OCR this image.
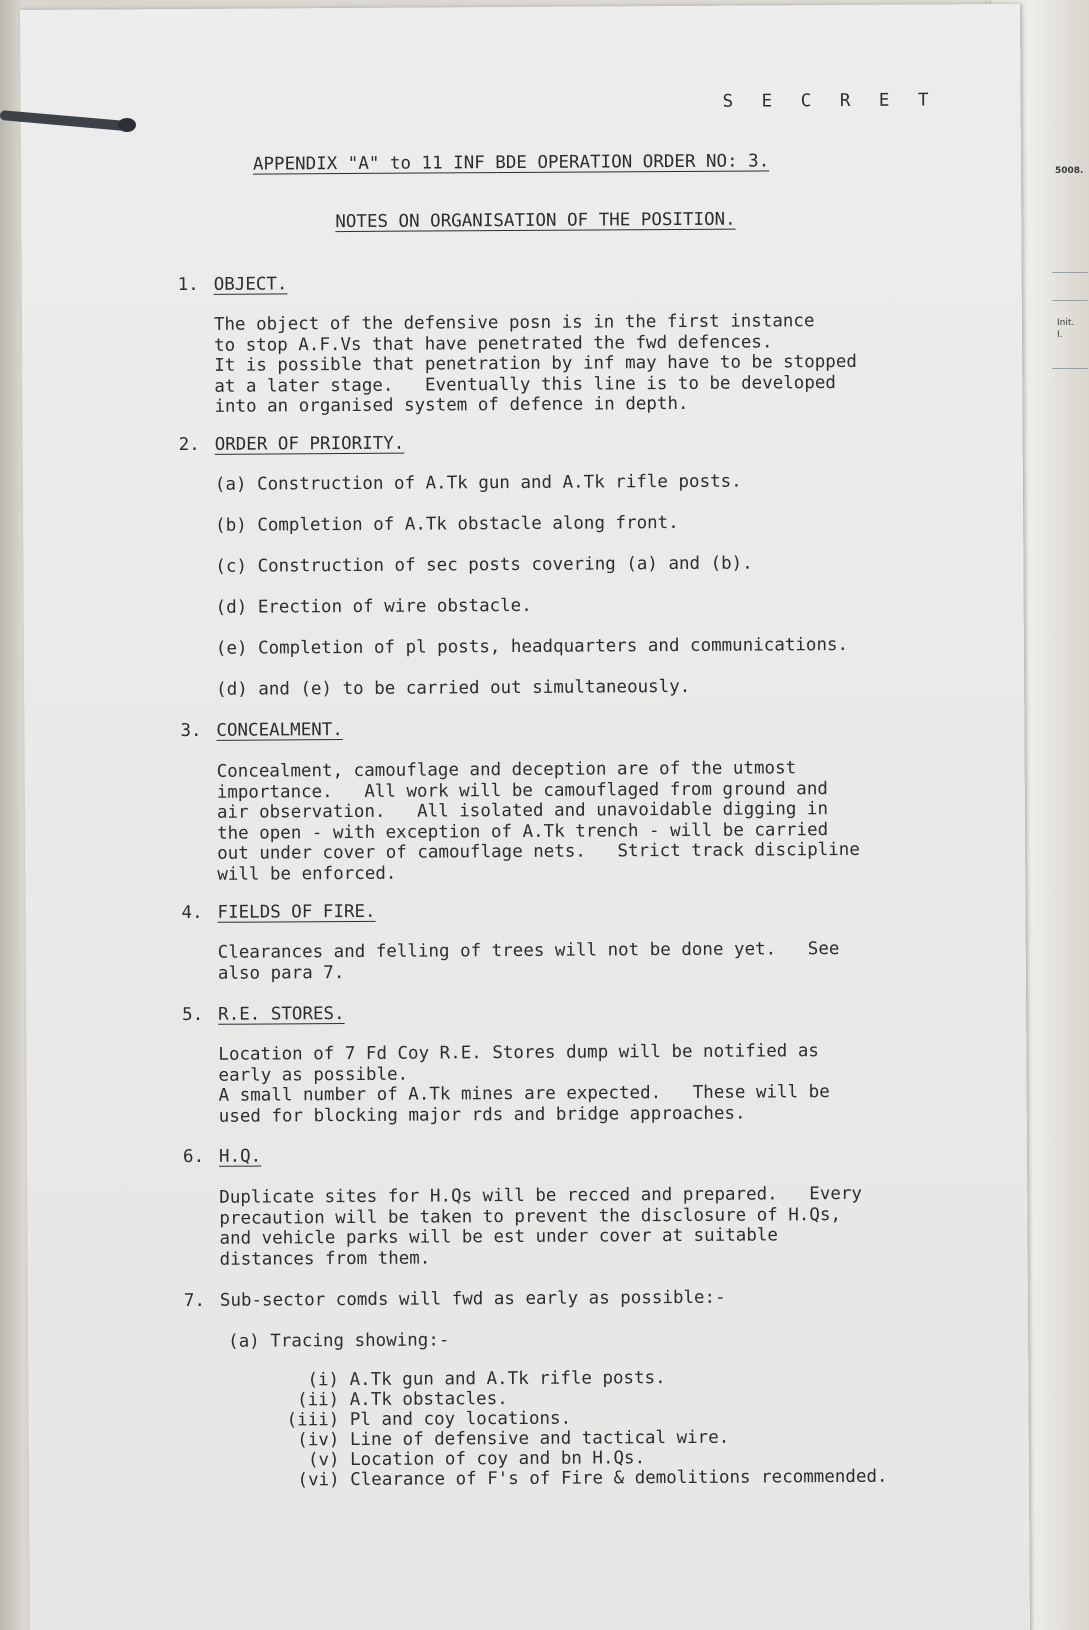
5008.
Init.
I.
S E C R E T
APPENDIX "A" to 11 INF BDE OPERATION ORDER NO: 3.
NOTES ON ORGANISATION OF THE POSITION.
1. OBJECT.
The object of the defensive posn is in the first instance
to stop A.F.Vs that have penetrated the fwd defences.
It is possible that penetration by inf may have to be stopped
at a later stage.   Eventually this line is to be developed
into an organised system of defence in depth.
2. ORDER OF PRIORITY.
(a) Construction of A.Tk gun and A.Tk rifle posts.
(b) Completion of A.Tk obstacle along front.
(c) Construction of sec posts covering (a) and (b).
(d) Erection of wire obstacle.
(e) Completion of pl posts, headquarters and communications.
(d) and (e) to be carried out simultaneously.
3. CONCEALMENT.
Concealment, camouflage and deception are of the utmost
importance.   All work will be camouflaged from ground and
air observation.   All isolated and unavoidable digging in
the open - with exception of A.Tk trench - will be carried
out under cover of camouflage nets.   Strict track discipline
will be enforced.
4. FIELDS OF FIRE.
Clearances and felling of trees will not be done yet.   See
also para 7.
5. R.E. STORES.
Location of 7 Fd Coy R.E. Stores dump will be notified as
early as possible.
A small number of A.Tk mines are expected.   These will be
used for blocking major rds and bridge approaches.
6. H.Q.
Duplicate sites for H.Qs will be recced and prepared.   Every
precaution will be taken to prevent the disclosure of H.Qs,
and vehicle parks will be est under cover at suitable
distances from them.
7. Sub-sector comds will fwd as early as possible:-
(a) Tracing showing:-
(i) A.Tk gun and A.Tk rifle posts.
(ii) A.Tk obstacles.
(iii) Pl and coy locations.
(iv) Line of defensive and tactical wire.
(v) Location of coy and bn H.Qs.
(vi) Clearance of F's of Fire & demolitions recommended.
